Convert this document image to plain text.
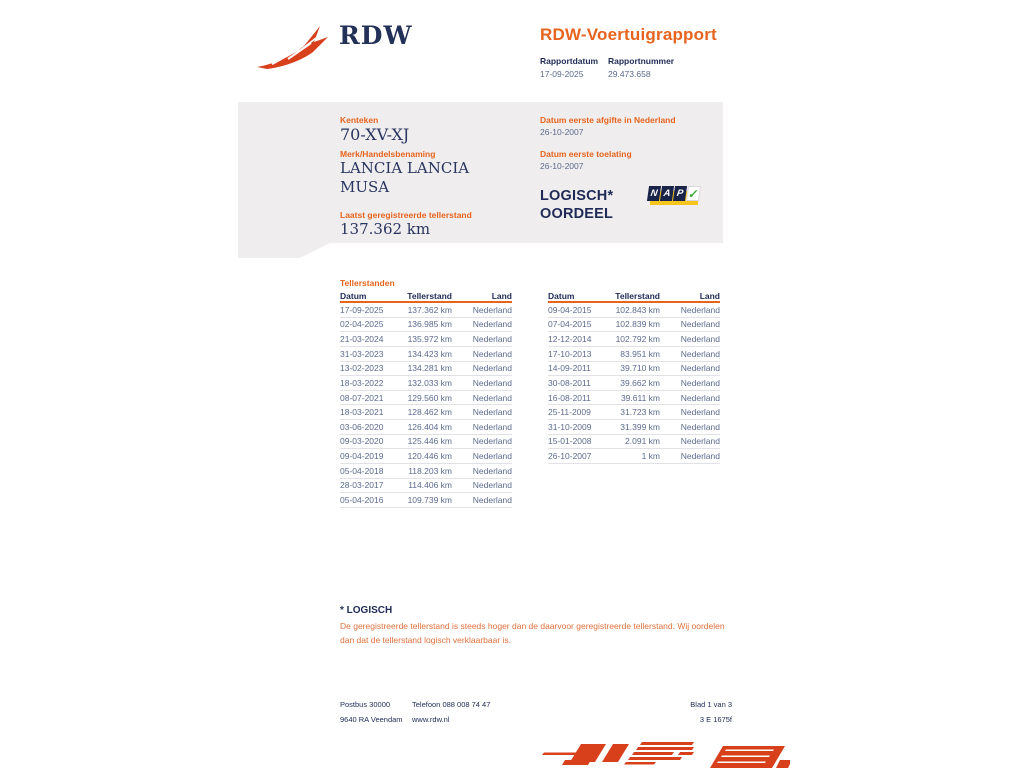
RDW	RDW-Voertuigrapport
Rapportdatum
17-09-2025
Rapportnummer
29.473.658
Kenteken
70-XV-XJ
Merk/Handelsbenaming
LANCIA LANCIA MUSA
Laatst geregistreerde tellerstand
137.362 km
Datum eerste afgifte in Nederland
26-10-2007
Datum eerste toelating
26-10-2007
LOGISCH*
OORDEEL
N A P ✓
Tellerstanden
Datum	Tellerstand	Land
17-09-2025	137.362 km	Nederland
02-04-2025	136.985 km	Nederland
21-03-2024	135.972 km	Nederland
31-03-2023	134.423 km	Nederland
13-02-2023	134.281 km	Nederland
18-03-2022	132.033 km	Nederland
08-07-2021	129.560 km	Nederland
18-03-2021	128.462 km	Nederland
03-06-2020	126.404 km	Nederland
09-03-2020	125.446 km	Nederland
09-04-2019	120.446 km	Nederland
05-04-2018	118.203 km	Nederland
28-03-2017	114.406 km	Nederland
05-04-2016	109.739 km	Nederland
Datum	Tellerstand	Land
09-04-2015	102.843 km	Nederland
07-04-2015	102.839 km	Nederland
12-12-2014	102.792 km	Nederland
17-10-2013	83.951 km	Nederland
14-09-2011	39.710 km	Nederland
30-08-2011	39.662 km	Nederland
16-08-2011	39.611 km	Nederland
25-11-2009	31.723 km	Nederland
31-10-2009	31.399 km	Nederland
15-01-2008	2.091 km	Nederland
26-10-2007	1 km	Nederland
* LOGISCH
De geregistreerde tellerstand is steeds hoger dan de daarvoor geregistreerde tellerstand. Wij oordelen dan dat de tellerstand logisch verklaarbaar is.
Postbus 30000	Telefoon 088 008 74 47	Blad 1 van 3
9640 RA Veendam	www.rdw.nl	3 E 1675f
